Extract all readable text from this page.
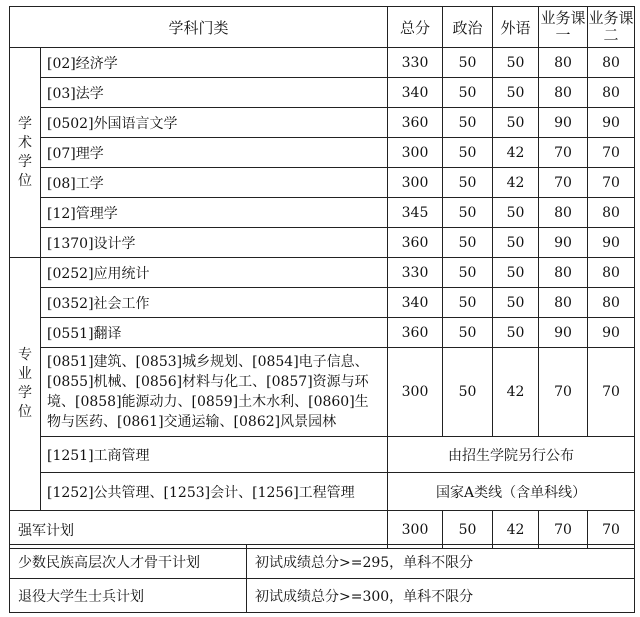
学科门类		总分	政治	外语	业务课一	业务课二

学
术
学
位	[02]经济学	330	50	50	80	80
	[03]法学	340	50	50	80	80
	[0502]外国语言文学	360	50	50	90	90
	[07]理学	300	50	42	70	70
	[08]工学	300	50	42	70	70
	[12]管理学	345	50	50	80	80
	[1370]设计学	360	50	50	90	90

专
业
学
位	[0252]应用统计	330	50	50	80	80
	[0352]社会工作	340	50	50	80	80
	[0551]翻译	360	50	50	90	90
	[0851]建筑、[0853]城乡规划、[0854]电子信息、[0855]机械、[0856]材料与化工、[0857]资源与环境、[0858]能源动力、[0859]土木水利、[0860]生物与医药、[0861]交通运输、[0862]风景园林	300	50	42	70	70
	[1251]工商管理	由招生学院另行公布				
	[1252]公共管理、[1253]会计、[1256]工程管理	国家A类线（含单科线）				
强军计划		300	50	42	70	70
少数民族高层次人才骨干计划	初试成绩总分>=295，单科不限分
退役大学生士兵计划	初试成绩总分>=300，单科不限分
